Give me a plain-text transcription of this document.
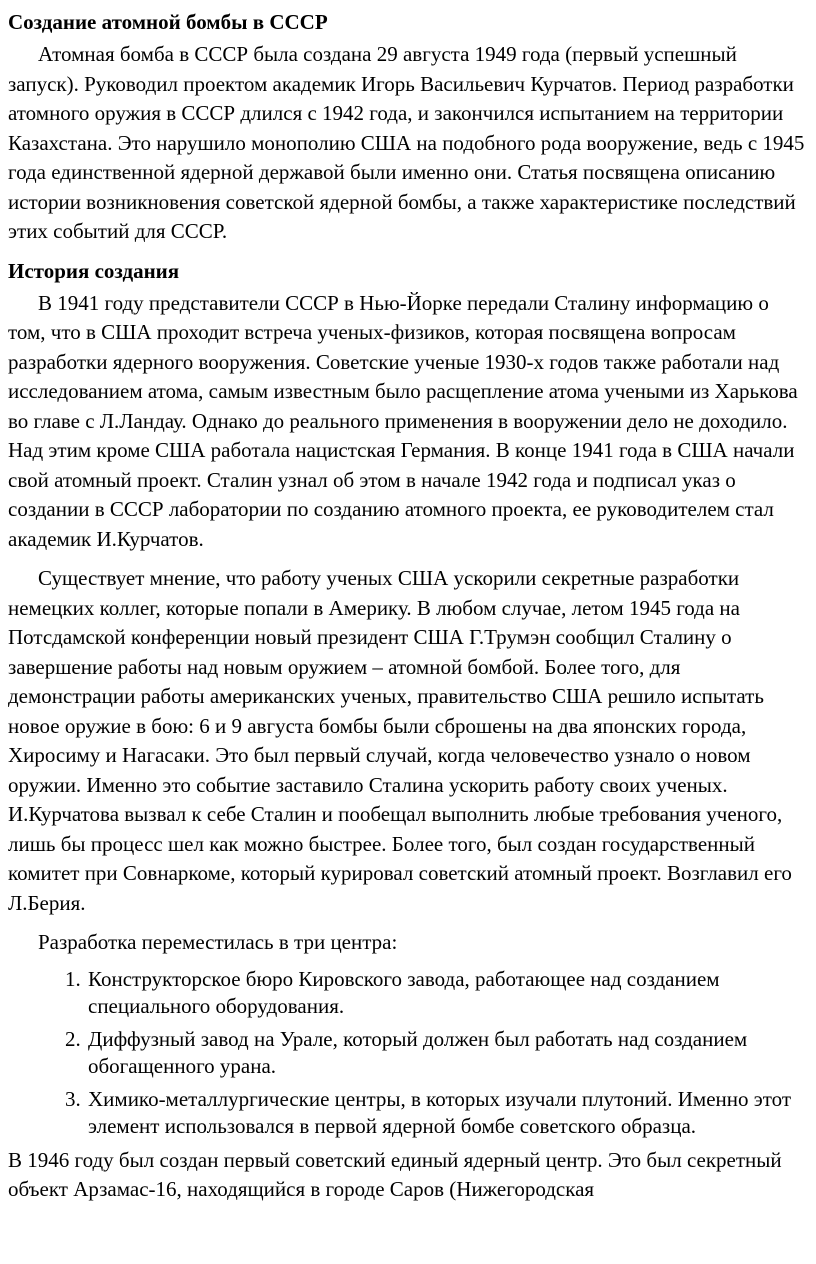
Создание атомной бомбы в СССР

Атомная бомба в СССР была создана 29 августа 1949 года (первый успешный запуск). Руководил проектом академик Игорь Васильевич Курчатов. Период разработки атомного оружия в СССР длился с 1942 года, и закончился испытанием на территории Казахстана. Это нарушило монополию США на подобного рода вооружение, ведь с 1945 года единственной ядерной державой были именно они. Статья посвящена описанию истории возникновения советской ядерной бомбы, а также характеристике последствий этих событий для СССР.

История создания

В 1941 году представители СССР в Нью-Йорке передали Сталину информацию о том, что в США проходит встреча ученых-физиков, которая посвящена вопросам разработки ядерного вооружения. Советские ученые 1930-х годов также работали над исследованием атома, самым известным было расщепление атома учеными из Харькова во главе с Л.Ландау. Однако до реального применения в вооружении дело не доходило. Над этим кроме США работала нацистская Германия. В конце 1941 года в США начали свой атомный проект. Сталин узнал об этом в начале 1942 года и подписал указ о создании в СССР лаборатории по созданию атомного проекта, ее руководителем стал академик И.Курчатов.

Существует мнение, что работу ученых США ускорили секретные разработки немецких коллег, которые попали в Америку. В любом случае, летом 1945 года на Потсдамской конференции новый президент США Г.Трумэн сообщил Сталину о завершение работы над новым оружием – атомной бомбой. Более того, для демонстрации работы американских ученых, правительство США решило испытать новое оружие в бою: 6 и 9 августа бомбы были сброшены на два японских города, Хиросиму и Нагасаки. Это был первый случай, когда человечество узнало о новом оружии. Именно это событие заставило Сталина ускорить работу своих ученых. И.Курчатова вызвал к себе Сталин и пообещал выполнить любые требования ученого, лишь бы процесс шел как можно быстрее. Более того, был создан государственный комитет при Совнаркоме, который курировал советский атомный проект. Возглавил его Л.Берия.

Разработка переместилась в три центра:

1. Конструкторское бюро Кировского завода, работающее над созданием специального оборудования.
2. Диффузный завод на Урале, который должен был работать над созданием обогащенного урана.
3. Химико-металлургические центры, в которых изучали плутоний. Именно этот элемент использовался в первой ядерной бомбе советского образца.

В 1946 году был создан первый советский единый ядерный центр. Это был секретный объект Арзамас-16, находящийся в городе Саров (Нижегородская
